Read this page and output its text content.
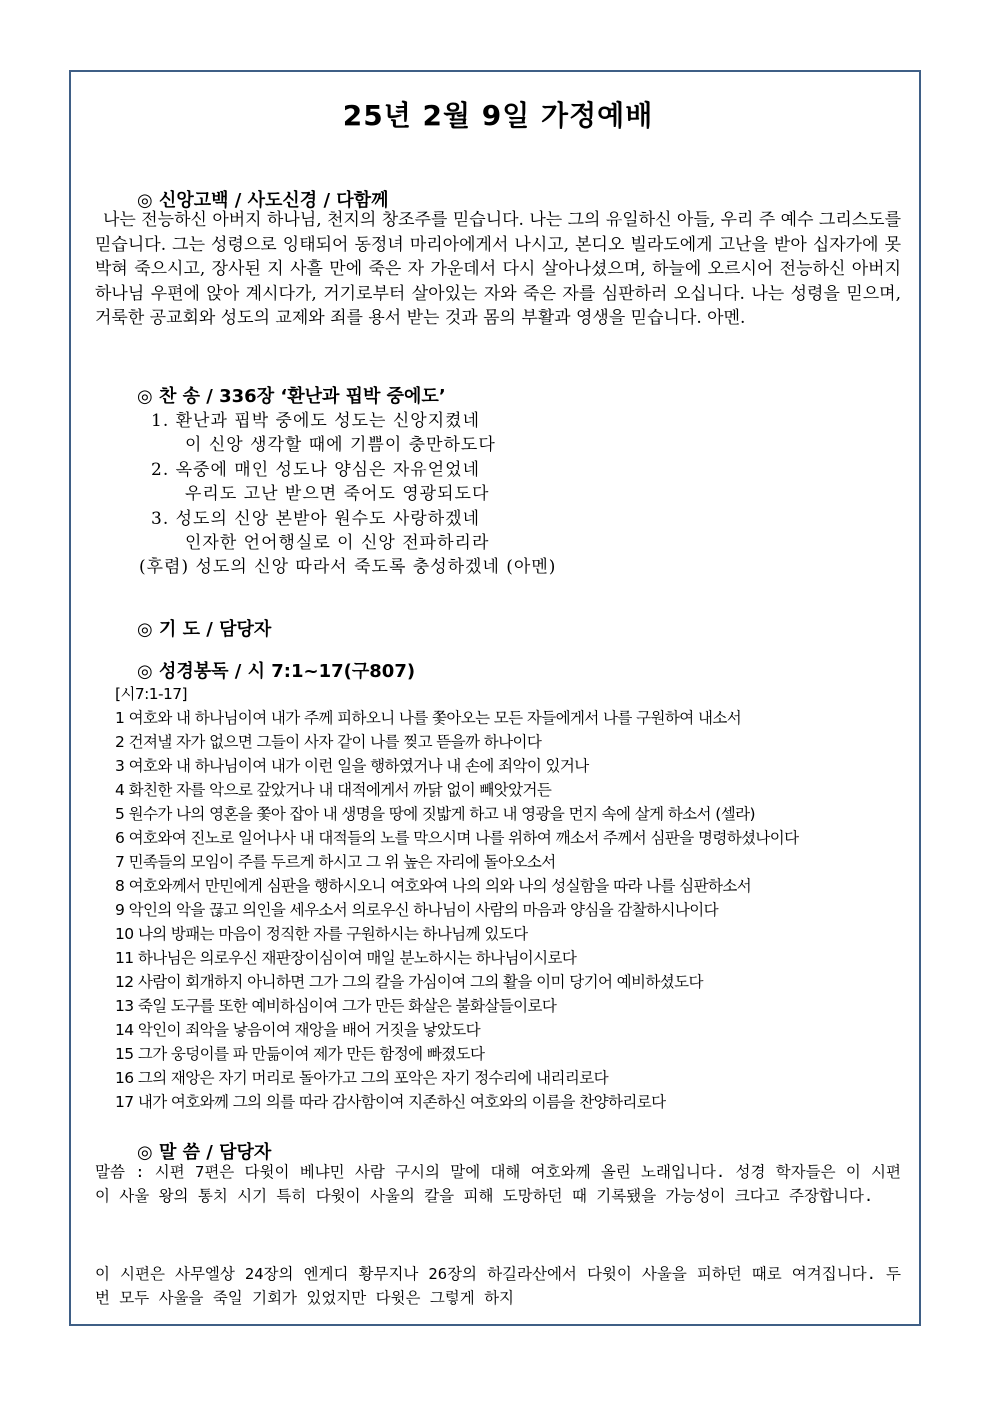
25년 2월 9일 가정예배
◎ 신앙고백 / 사도신경 / 다함께
나는 전능하신 아버지 하나님, 천지의 창조주를 믿습니다. 나는 그의 유일하신 아들, 우리 주 예수 그리스도를 믿습니다. 그는 성령으로 잉태되어 동정녀 마리아에게서 나시고, 본디오 빌라도에게 고난을 받아 십자가에 못 박혀 죽으시고, 장사된 지 사흘 만에 죽은 자 가운데서 다시 살아나셨으며, 하늘에 오르시어 전능하신 아버지 하나님 우편에 앉아 계시다가, 거기로부터 살아있는 자와 죽은 자를 심판하러 오십니다. 나는 성령을 믿으며, 거룩한 공교회와 성도의 교제와 죄를 용서 받는 것과 몸의 부활과 영생을 믿습니다. 아멘.
◎ 찬 송 / 336장 ‘환난과 핍박 중에도’
1. 환난과 핍박 중에도 성도는 신앙지켰네
이 신앙 생각할 때에 기쁨이 충만하도다
2. 옥중에 매인 성도나 양심은 자유얻었네
우리도 고난 받으면 죽어도 영광되도다
3. 성도의 신앙 본받아 원수도 사랑하겠네
인자한 언어행실로 이 신앙 전파하리라
(후렴) 성도의 신앙 따라서 죽도록 충성하겠네 (아멘)
◎ 기 도 / 담당자
◎ 성경봉독 / 시 7:1~17(구807)
[시7:1-17]
1 여호와 내 하나님이여 내가 주께 피하오니 나를 쫓아오는 모든 자들에게서 나를 구원하여 내소서
2 건져낼 자가 없으면 그들이 사자 같이 나를 찢고 뜯을까 하나이다
3 여호와 내 하나님이여 내가 이런 일을 행하였거나 내 손에 죄악이 있거나
4 화친한 자를 악으로 갚았거나 내 대적에게서 까닭 없이 빼앗았거든
5 원수가 나의 영혼을 쫓아 잡아 내 생명을 땅에 짓밟게 하고 내 영광을 먼지 속에 살게 하소서 (셀라)
6 여호와여 진노로 일어나사 내 대적들의 노를 막으시며 나를 위하여 깨소서 주께서 심판을 명령하셨나이다
7 민족들의 모임이 주를 두르게 하시고 그 위 높은 자리에 돌아오소서
8 여호와께서 만민에게 심판을 행하시오니 여호와여 나의 의와 나의 성실함을 따라 나를 심판하소서
9 악인의 악을 끊고 의인을 세우소서 의로우신 하나님이 사람의 마음과 양심을 감찰하시나이다
10 나의 방패는 마음이 정직한 자를 구원하시는 하나님께 있도다
11 하나님은 의로우신 재판장이심이여 매일 분노하시는 하나님이시로다
12 사람이 회개하지 아니하면 그가 그의 칼을 가심이여 그의 활을 이미 당기어 예비하셨도다
13 죽일 도구를 또한 예비하심이여 그가 만든 화살은 불화살들이로다
14 악인이 죄악을 낳음이여 재앙을 배어 거짓을 낳았도다
15 그가 웅덩이를 파 만듦이여 제가 만든 함정에 빠졌도다
16 그의 재앙은 자기 머리로 돌아가고 그의 포악은 자기 정수리에 내리리로다
17 내가 여호와께 그의 의를 따라 감사함이여 지존하신 여호와의 이름을 찬양하리로다
◎ 말 씀 / 담당자
말씀 : 시편 7편은 다윗이 베냐민 사람 구시의 말에 대해 여호와께 올린 노래입니다. 성경 학자들은 이 시편이 사울 왕의 통치 시기 특히 다윗이 사울의 칼을 피해 도망하던 때 기록됐을 가능성이 크다고 주장합니다.
이 시편은 사무엘상 24장의 엔게디 황무지나 26장의 하길라산에서 다윗이 사울을 피하던 때로 여겨집니다. 두 번 모두 사울을 죽일 기회가 있었지만 다윗은 그렇게 하지
